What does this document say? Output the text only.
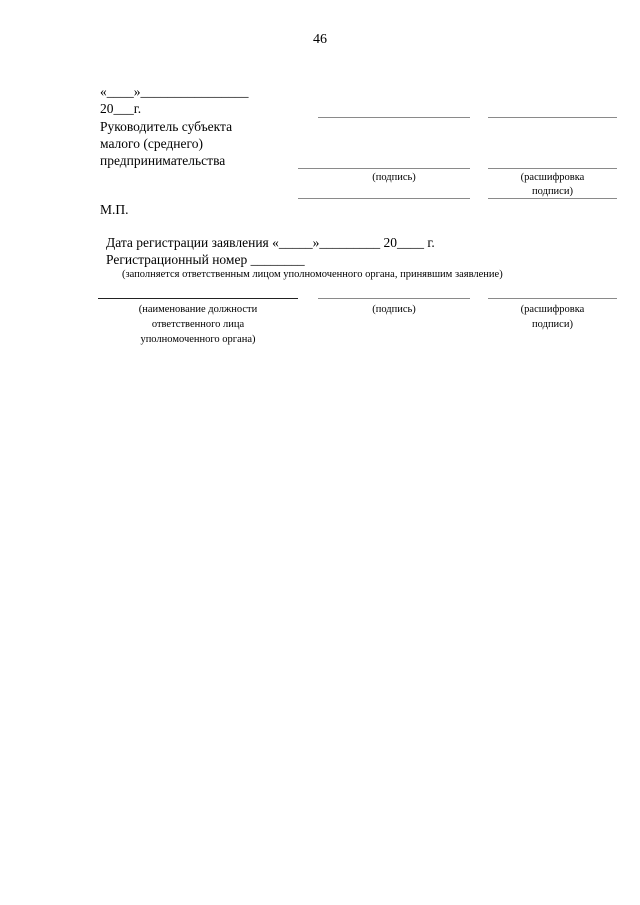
46
«____»________________
20___г.
Руководитель субъекта
малого (среднего)
предпринимательства
(подпись)	(расшифровка
подписи)
М.П.
Дата регистрации заявления «_____»_________ 20____ г.
Регистрационный номер ________
(заполняется ответственным лицом уполномоченного органа, принявшим заявление)
(наименование должности
ответственного лица
уполномоченного органа)
(подпись)	(расшифровка
подписи)
